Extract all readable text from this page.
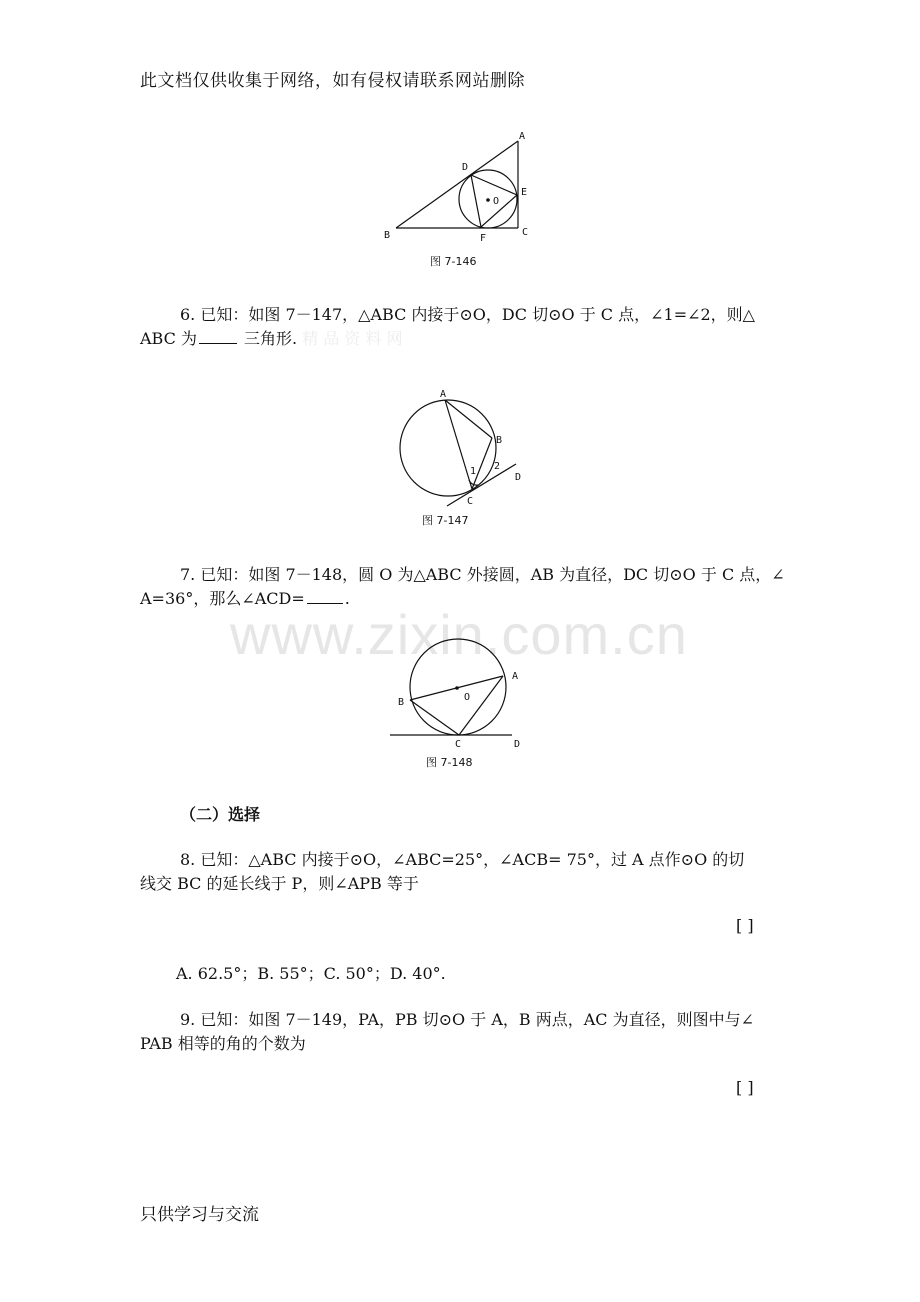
此文档仅供收集于网络，如有侵权请联系网站删除
www.zixin.com.cn
A
B	C
D
E
F
O
图 7-146
6. 已知：如图 7－147，△ABC 内接于⊙O，DC 切⊙O 于 C 点，∠1=∠2，则△
ABC 为	三角形. 精 品 资 料 网
A
B
C
D
1 2
图 7-147
7. 已知：如图 7－148，圆 O 为△ABC 外接圆，AB 为直径，DC 切⊙O 于 C 点，∠
A=36°，那么∠ACD=	.
A
B
C	D
O
图 7-148
（二）选择
8. 已知：△ABC 内接于⊙O，∠ABC=25°，∠ACB= 75°，过 A 点作⊙O 的切
线交 BC 的延长线于 P，则∠APB 等于
[ ]
A. 62.5°；B. 55°；C. 50°；D. 40°.
9. 已知：如图 7－149，PA，PB 切⊙O 于 A，B 两点，AC 为直径，则图中与∠
PAB 相等的角的个数为
[ ]
只供学习与交流
